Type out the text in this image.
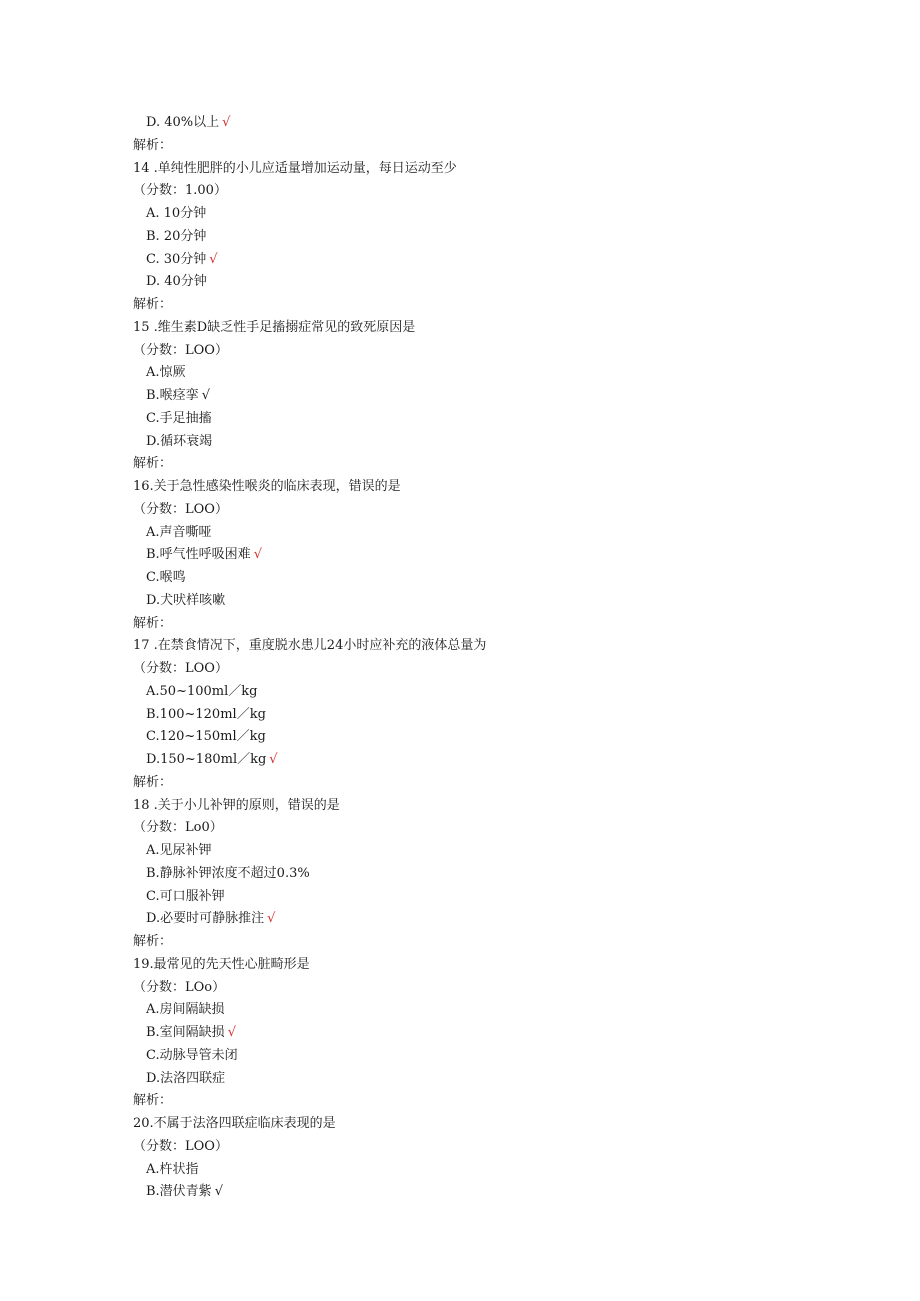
D. 40%以上 √
解析：
14 .单纯性肥胖的小儿应适量增加运动量，每日运动至少
（分数：1.00）
A. 10分钟
B. 20分钟
C. 30分钟 √
D. 40分钟
解析：
15 .维生素D缺乏性手足搐搦症常见的致死原因是
（分数：LOO）
A.惊厥
B.喉痉挛 √
C.手足抽搐
D.循环衰竭
解析：
16.关于急性感染性喉炎的临床表现，错误的是
（分数：LOO）
A.声音嘶哑
B.呼气性呼吸困难 √
C.喉鸣
D.犬吠样咳嗽
解析：
17 .在禁食情况下，重度脱水患儿24小时应补充的液体总量为
（分数：LOO）
A.50~100ml／kg
B.100~120ml／kg
C.120~150ml／kg
D.150~180ml／kg √
解析：
18 .关于小儿补钾的原则，错误的是
（分数：Lo0）
A.见尿补钾
B.静脉补钾浓度不超过0.3%
C.可口服补钾
D.必要时可静脉推注 √
解析：
19.最常见的先天性心脏畸形是
（分数：LOo）
A.房间隔缺损
B.室间隔缺损 √
C.动脉导管未闭
D.法洛四联症
解析：
20.不属于法洛四联症临床表现的是
（分数：LOO）
A.杵状指
B.潜伏青紫 √
